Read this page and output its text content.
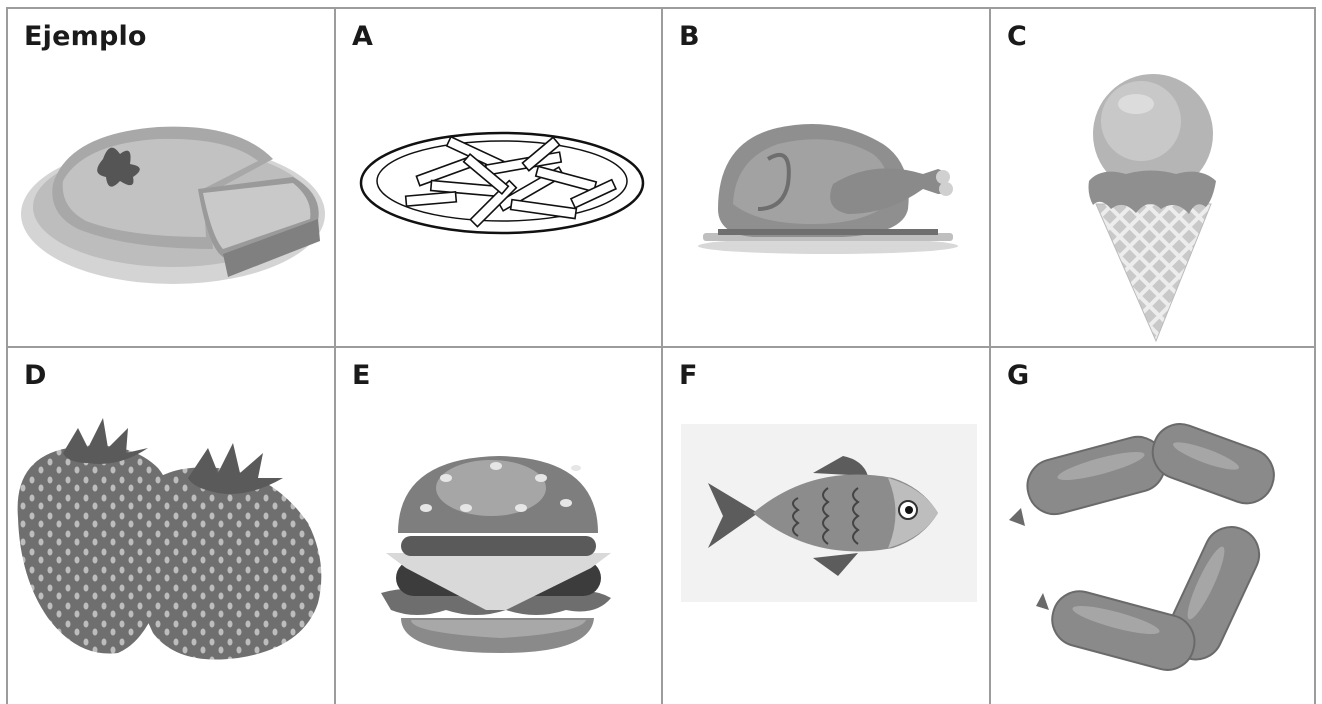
Ejemplo	A	B	C
D	E	F	G
